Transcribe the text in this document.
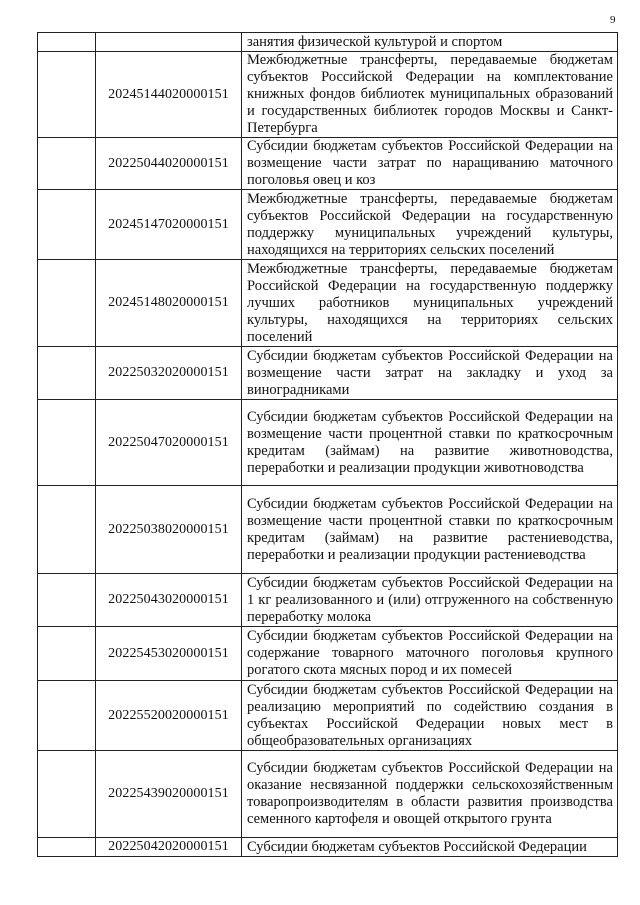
9

		занятия физической культурой и спортом

	20245144020000151	Межбюджетные трансферты, передаваемые бюджетам субъектов Российской Федерации на комплектование книжных фондов библиотек муниципальных образований и государственных библиотек городов Москвы и Санкт-Петербурга

	20225044020000151	Субсидии бюджетам субъектов Российской Федерации на возмещение части затрат по наращиванию маточного поголовья овец и коз

	20245147020000151	Межбюджетные трансферты, передаваемые бюджетам субъектов Российской Федерации на государственную поддержку муниципальных учреждений культуры, находящихся на территориях сельских поселений

	20245148020000151	Межбюджетные трансферты, передаваемые бюджетам Российской Федерации на государственную поддержку лучших работников муниципальных учреждений культуры, находящихся на территориях сельских поселений

	20225032020000151	Субсидии бюджетам субъектов Российской Федерации на возмещение части затрат на закладку и уход за виноградниками

	20225047020000151	Субсидии бюджетам субъектов Российской Федерации на возмещение части процентной ставки по краткосрочным кредитам (займам) на развитие животноводства, переработки и реализации продукции животноводства

	20225038020000151	Субсидии бюджетам субъектов Российской Федерации на возмещение части процентной ставки по краткосрочным кредитам (займам) на развитие растениеводства, переработки и реализации продукции растениеводства

	20225043020000151	Субсидии бюджетам субъектов Российской Федерации на 1 кг реализованного и (или) отгруженного на собственную переработку молока

	20225453020000151	Субсидии бюджетам субъектов Российской Федерации на содержание товарного маточного поголовья крупного рогатого скота мясных пород и их помесей

	20225520020000151	Субсидии бюджетам субъектов Российской Федерации на реализацию мероприятий по содействию создания в субъектах Российской Федерации новых мест в общеобразовательных организациях

	20225439020000151	Субсидии бюджетам субъектов Российской Федерации на оказание несвязанной поддержки сельскохозяйственным товаропроизводителям в области развития производства семенного картофеля и овощей открытого грунта

	20225042020000151	Субсидии бюджетам субъектов Российской Федерации
